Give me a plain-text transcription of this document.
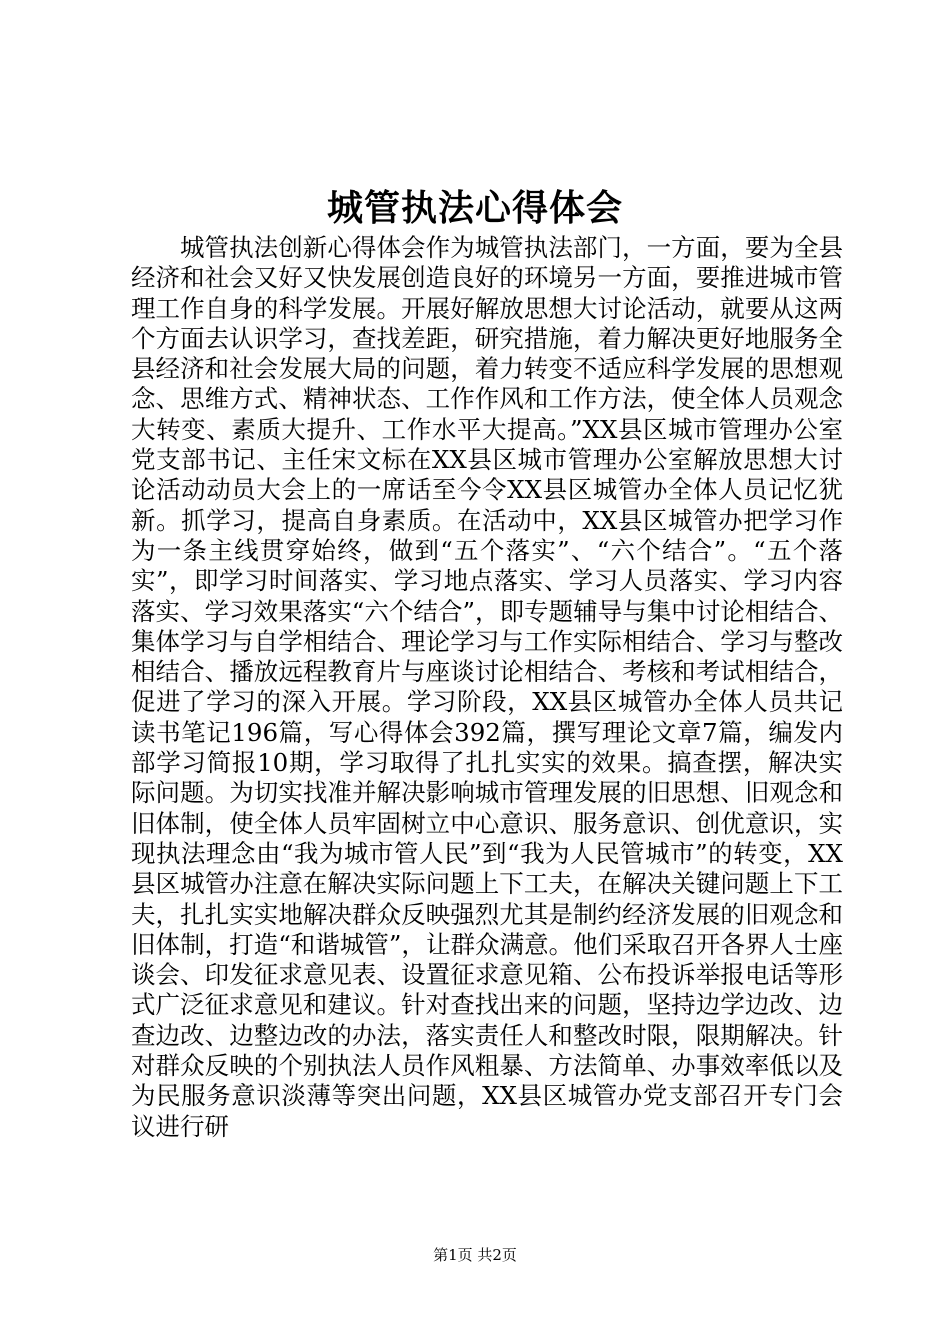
城管执法心得体会

城管执法创新心得体会作为城管执法部门，一方面，要为全县经济和社会又好又快发展创造良好的环境另一方面，要推进城市管理工作自身的科学发展。开展好解放思想大讨论活动，就要从这两个方面去认识学习，查找差距，研究措施，着力解决更好地服务全县经济和社会发展大局的问题，着力转变不适应科学发展的思想观念、思维方式、精神状态、工作作风和工作方法，使全体人员观念大转变、素质大提升、工作水平大提高。”XX县区城市管理办公室党支部书记、主任宋文标在XX县区城市管理办公室解放思想大讨论活动动员大会上的一席话至今令XX县区城管办全体人员记忆犹新。抓学习，提高自身素质。在活动中，XX县区城管办把学习作为一条主线贯穿始终，做到“五个落实”、“六个结合”。“五个落实”，即学习时间落实、学习地点落实、学习人员落实、学习内容落实、学习效果落实“六个结合”，即专题辅导与集中讨论相结合、集体学习与自学相结合、理论学习与工作实际相结合、学习与整改相结合、播放远程教育片与座谈讨论相结合、考核和考试相结合，促进了学习的深入开展。学习阶段，XX县区城管办全体人员共记读书笔记196篇，写心得体会392篇，撰写理论文章7篇，编发内部学习简报10期，学习取得了扎扎实实的效果。搞查摆，解决实际问题。为切实找准并解决影响城市管理发展的旧思想、旧观念和旧体制，使全体人员牢固树立中心意识、服务意识、创优意识，实现执法理念由“我为城市管人民”到“我为人民管城市”的转变，XX县区城管办注意在解决实际问题上下工夫，在解决关键问题上下工夫，扎扎实实地解决群众反映强烈尤其是制约经济发展的旧观念和旧体制，打造“和谐城管”，让群众满意。他们采取召开各界人士座谈会、印发征求意见表、设置征求意见箱、公布投诉举报电话等形式广泛征求意见和建议。针对查找出来的问题，坚持边学边改、边查边改、边整边改的办法，落实责任人和整改时限，限期解决。针对群众反映的个别执法人员作风粗暴、方法简单、办事效率低以及为民服务意识淡薄等突出问题，XX县区城管办党支部召开专门会议进行研

第1页 共2页
